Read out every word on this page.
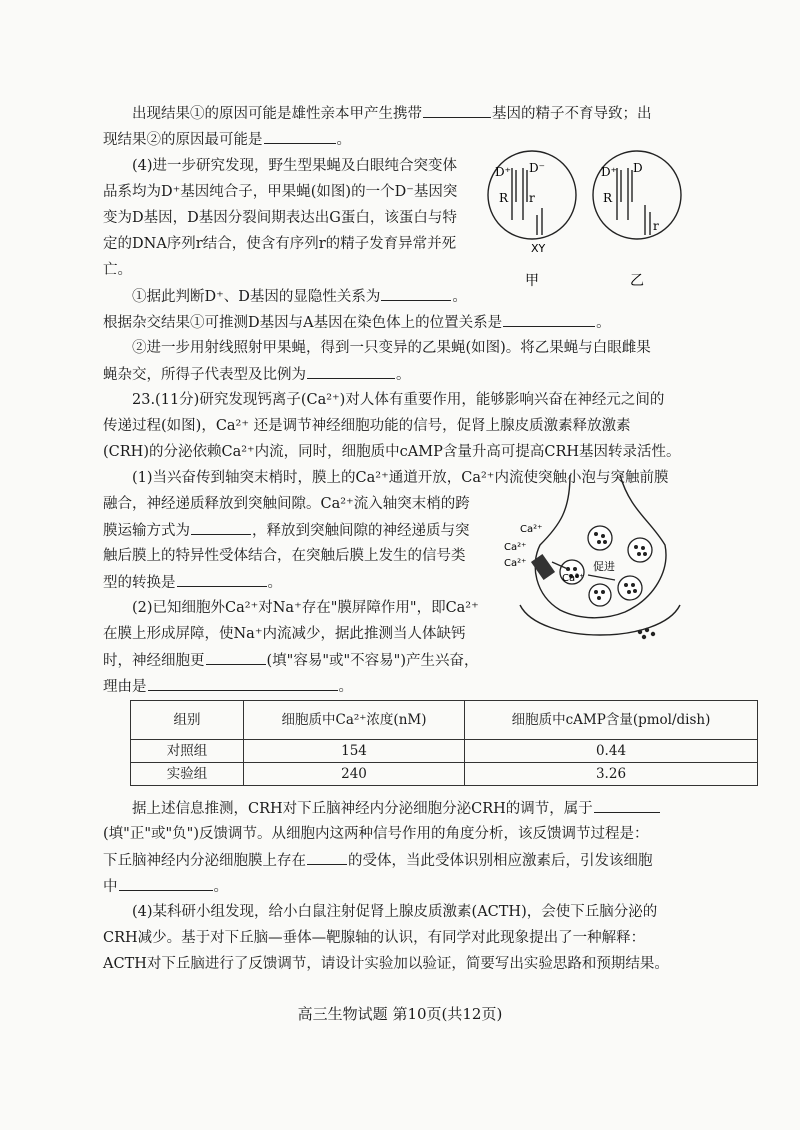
出现结果①的原因可能是雄性亲本甲产生携带	基因的精子不育导致；出
现结果②的原因最可能是	。
(4)进一步研究发现，野生型果蝇及白眼纯合突变体
品系均为D⁺基因纯合子，甲果蝇(如图)的一个D⁻基因突
变为D基因，D基因分裂间期表达出G蛋白，该蛋白与特
定的DNA序列r结合，使含有序列r的精子发育异常并死
亡。
①据此判断D⁺、D基因的显隐性关系为	。
根据杂交结果①可推测D基因与A基因在染色体上的位置关系是	。
②进一步用射线照射甲果蝇，得到一只变异的乙果蝇(如图)。将乙果蝇与白眼雌果
蝇杂交，所得子代表型及比例为	。
23.(11分)研究发现钙离子(Ca²⁺)对人体有重要作用，能够影响兴奋在神经元之间的
传递过程(如图)，Ca²⁺ 还是调节神经细胞功能的信号，促肾上腺皮质激素释放激素
(CRH)的分泌依赖Ca²⁺内流，同时，细胞质中cAMP含量升高可提高CRH基因转录活性。
(1)当兴奋传到轴突末梢时，膜上的Ca²⁺通道开放，Ca²⁺内流使突触小泡与突触前膜
融合，神经递质释放到突触间隙。Ca²⁺流入轴突末梢的跨
膜运输方式为	，释放到突触间隙的神经递质与突
触后膜上的特异性受体结合，在突触后膜上发生的信号类
型的转换是	。
(2)已知细胞外Ca²⁺对Na⁺存在"膜屏障作用"，即Ca²⁺
在膜上形成屏障，使Na⁺内流减少，据此推测当人体缺钙
时，神经细胞更	(填"容易"或"不容易")产生兴奋，
理由是	。
组别	细胞质中Ca²⁺浓度(nM)	细胞质中cAMP含量(pmol/dish)
对照组	154	0.44
实验组	240	3.26
据上述信息推测，CRH对下丘脑神经内分泌细胞分泌CRH的调节，属于
(填"正"或"负")反馈调节。从细胞内这两种信号作用的角度分析，该反馈调节过程是：
下丘脑神经内分泌细胞膜上存在	的受体，当此受体识别相应激素后，引发该细胞
中	。
(4)某科研小组发现，给小白鼠注射促肾上腺皮质激素(ACTH)，会使下丘脑分泌的
CRH减少。基于对下丘脑—垂体—靶腺轴的认识，有同学对此现象提出了一种解释：
ACTH对下丘脑进行了反馈调节，请设计实验加以验证，简要写出实验思路和预期结果。
高三生物试题 第10页(共12页)
D⁺ D⁻
R r
XY
甲
D⁺ D
R
r
乙
Ca²⁺
Ca²⁺
Ca²⁺
Ca²⁺
促进
